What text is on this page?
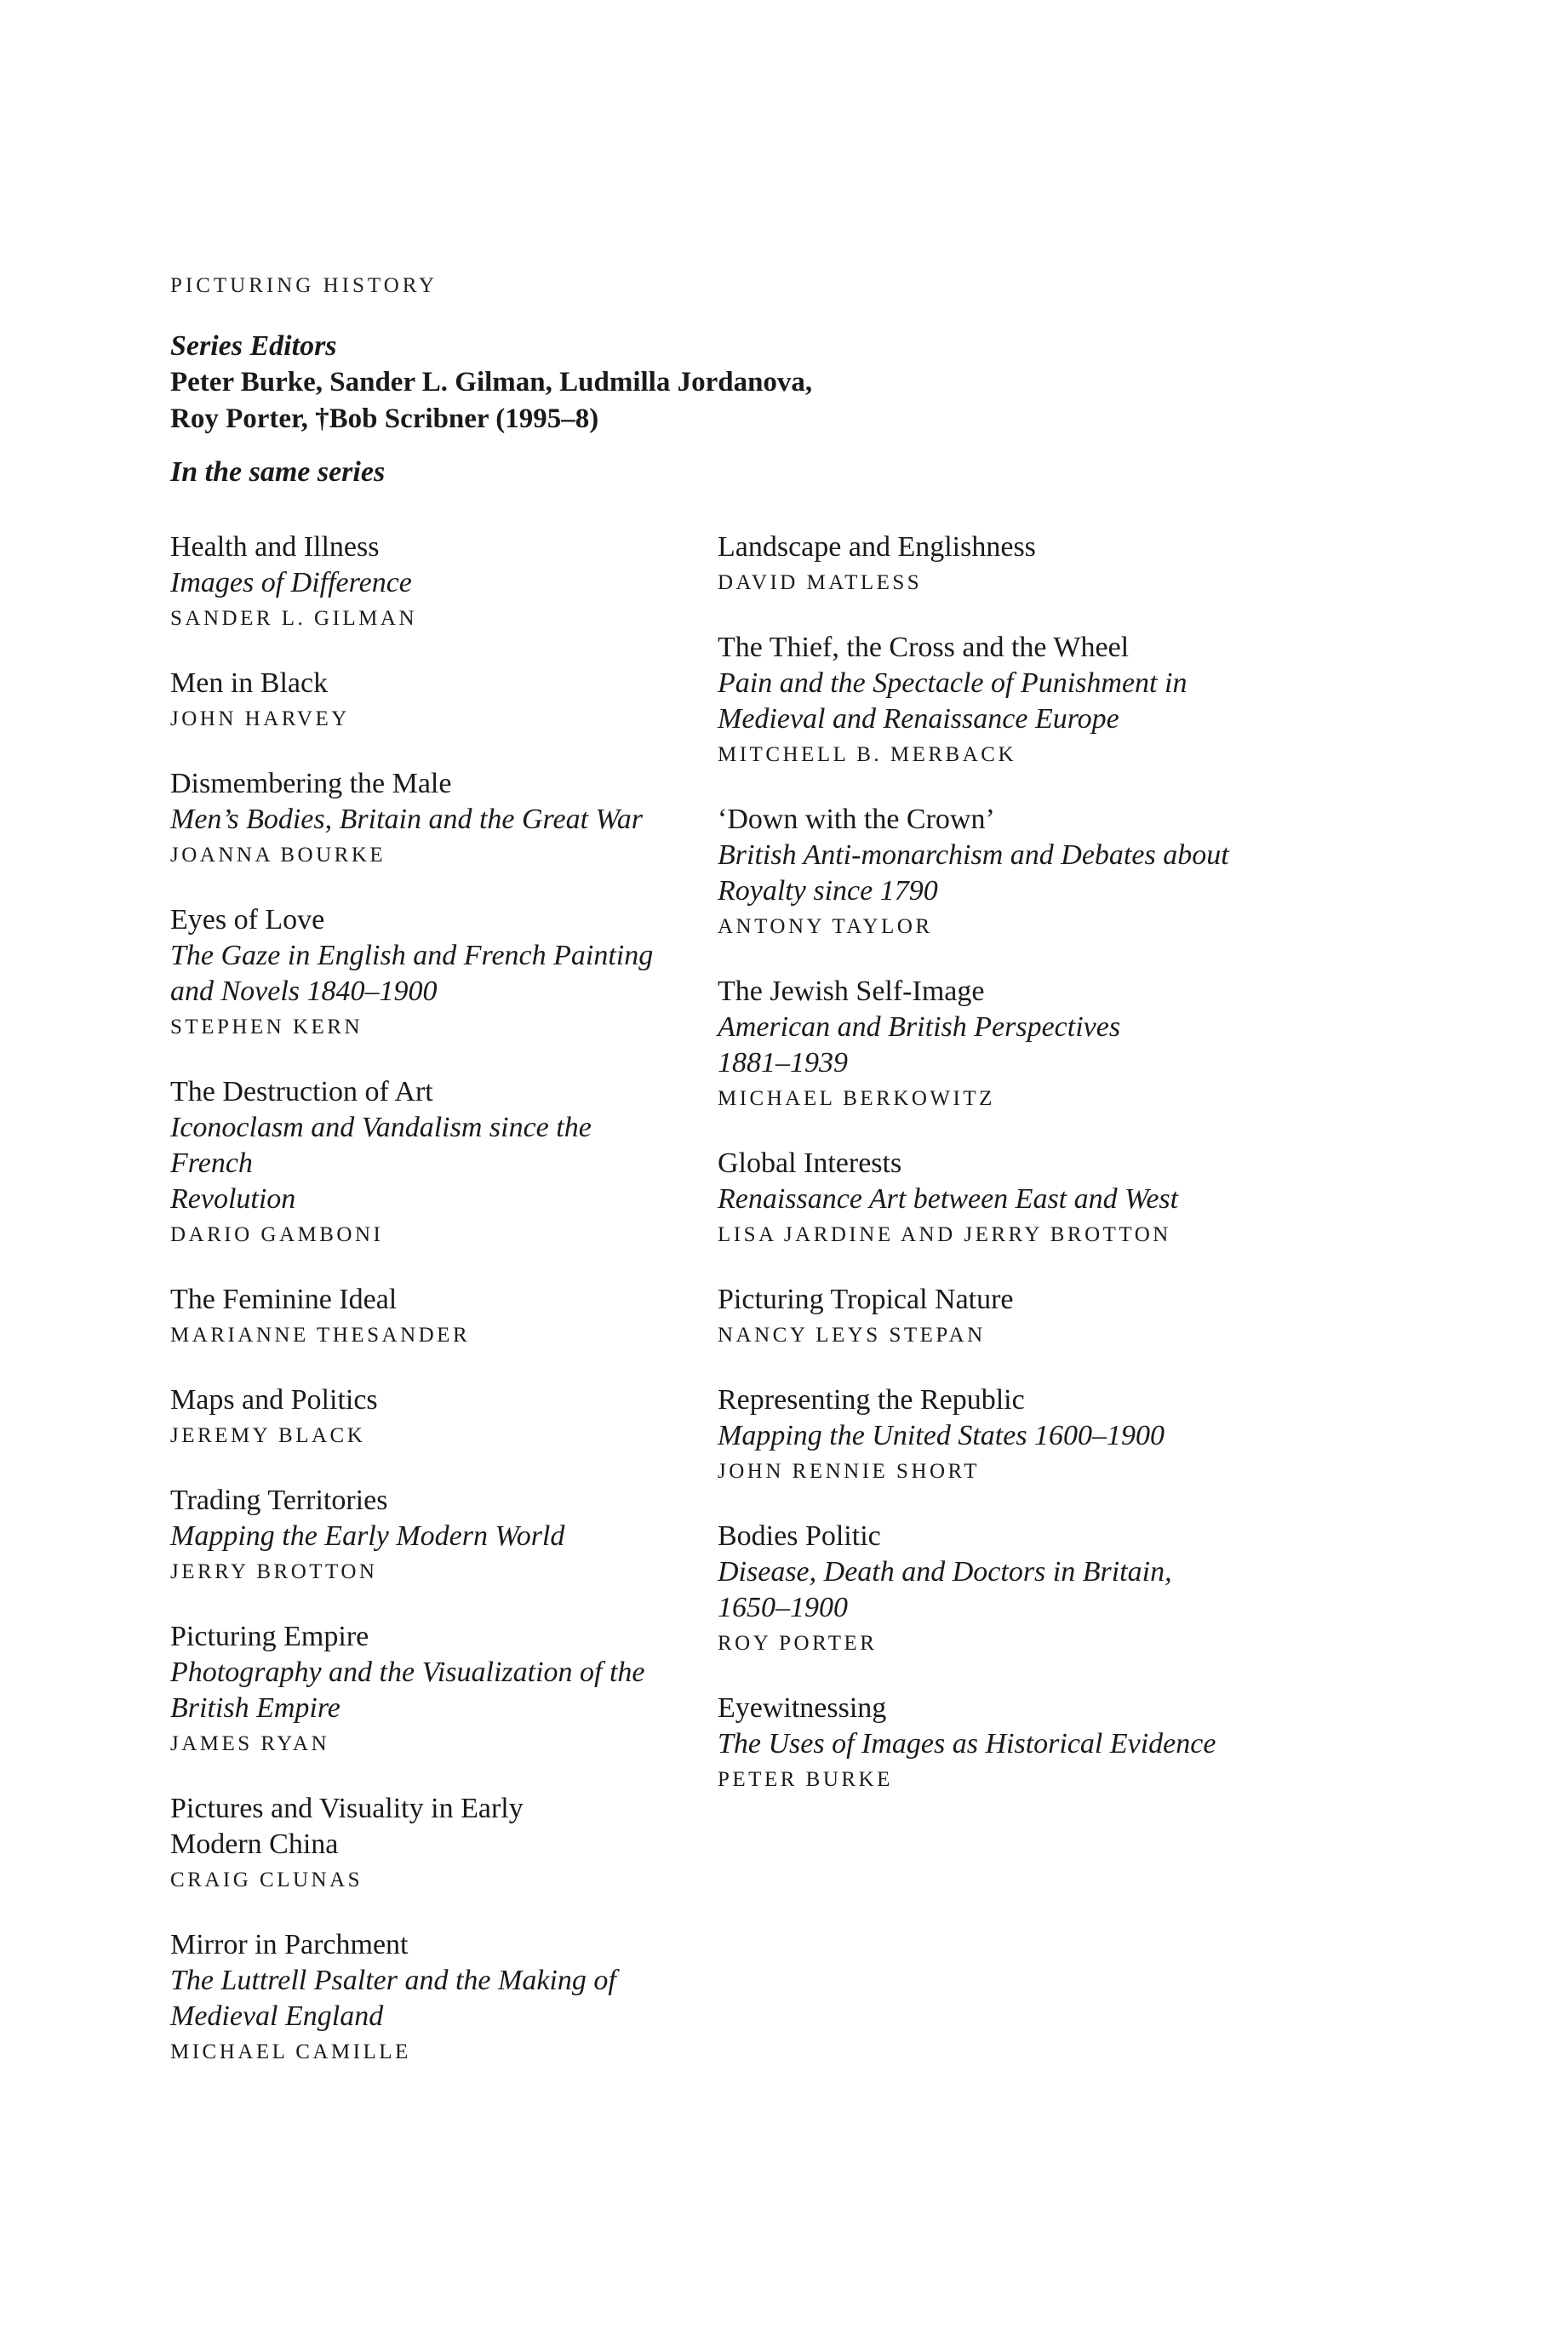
PICTURING HISTORY

Series Editors

Peter Burke, Sander L. Gilman, Ludmilla Jordanova,
Roy Porter, †Bob Scribner (1995–8)

In the same series

Health and Illness

Images of Difference

SANDER L. GILMAN

Men in Black

JOHN HARVEY

Dismembering the Male

Men’s Bodies, Britain and the Great War

JOANNA BOURKE

Eyes of Love

The Gaze in English and French Painting

and Novels 1840–1900

STEPHEN KERN

The Destruction of Art

Iconoclasm and Vandalism since the French

Revolution

DARIO GAMBONI

The Feminine Ideal

MARIANNE THESANDER

Maps and Politics

JEREMY BLACK

Trading Territories

Mapping the Early Modern World

JERRY BROTTON

Picturing Empire

Photography and the Visualization of the

British Empire

JAMES RYAN

Pictures and Visuality in Early
Modern China

CRAIG CLUNAS

Mirror in Parchment

The Luttrell Psalter and the Making of

Medieval England

MICHAEL CAMILLE

Landscape and Englishness

DAVID MATLESS

The Thief, the Cross and the Wheel

Pain and the Spectacle of Punishment in

Medieval and Renaissance Europe

MITCHELL B. MERBACK

‘Down with the Crown’

British Anti-monarchism and Debates about

Royalty since 1790

ANTONY TAYLOR

The Jewish Self-Image

American and British Perspectives

1881–1939

MICHAEL BERKOWITZ

Global Interests

Renaissance Art between East and West

LISA JARDINE AND JERRY BROTTON

Picturing Tropical Nature

NANCY LEYS STEPAN

Representing the Republic

Mapping the United States 1600–1900

JOHN RENNIE SHORT

Bodies Politic

Disease, Death and Doctors in Britain,

1650–1900

ROY PORTER

Eyewitnessing

The Uses of Images as Historical Evidence

PETER BURKE
